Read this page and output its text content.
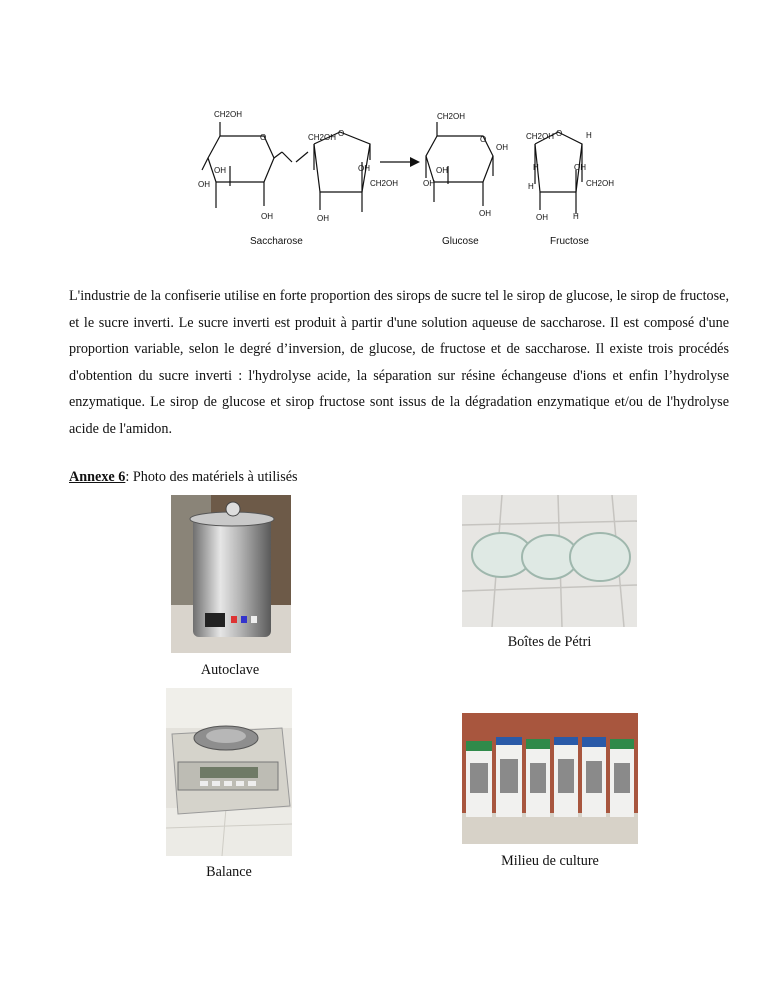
CH2OH
O
OH
OH
OH
CH2OH O
OH
CH2OH
OH
CH2OH
O
OH
OH
OH
OH
CH2OH O	H
H
H
OH
CH2OH
OH	H
Saccharose	Glucose	Fructose

L'industrie de la confiserie utilise en forte proportion des sirops de sucre tel le sirop de glucose, le sirop de fructose, et le sucre inverti. Le sucre inverti est produit à partir d'une solution aqueuse de saccharose. Il est composé d'une proportion variable, selon le degré d’inversion, de glucose, de fructose et de saccharose. Il existe trois procédés d'obtention du sucre inverti : l'hydrolyse acide, la séparation sur résine échangeuse d'ions et enfin l’hydrolyse enzymatique. Le sirop de glucose et sirop fructose sont issus de la dégradation enzymatique et/ou de l'hydrolyse acide de l'amidon.

Annexe 6: Photo des matériels à utilisés
Autoclave
Boîtes de Pétri
Balance
Milieu de culture
